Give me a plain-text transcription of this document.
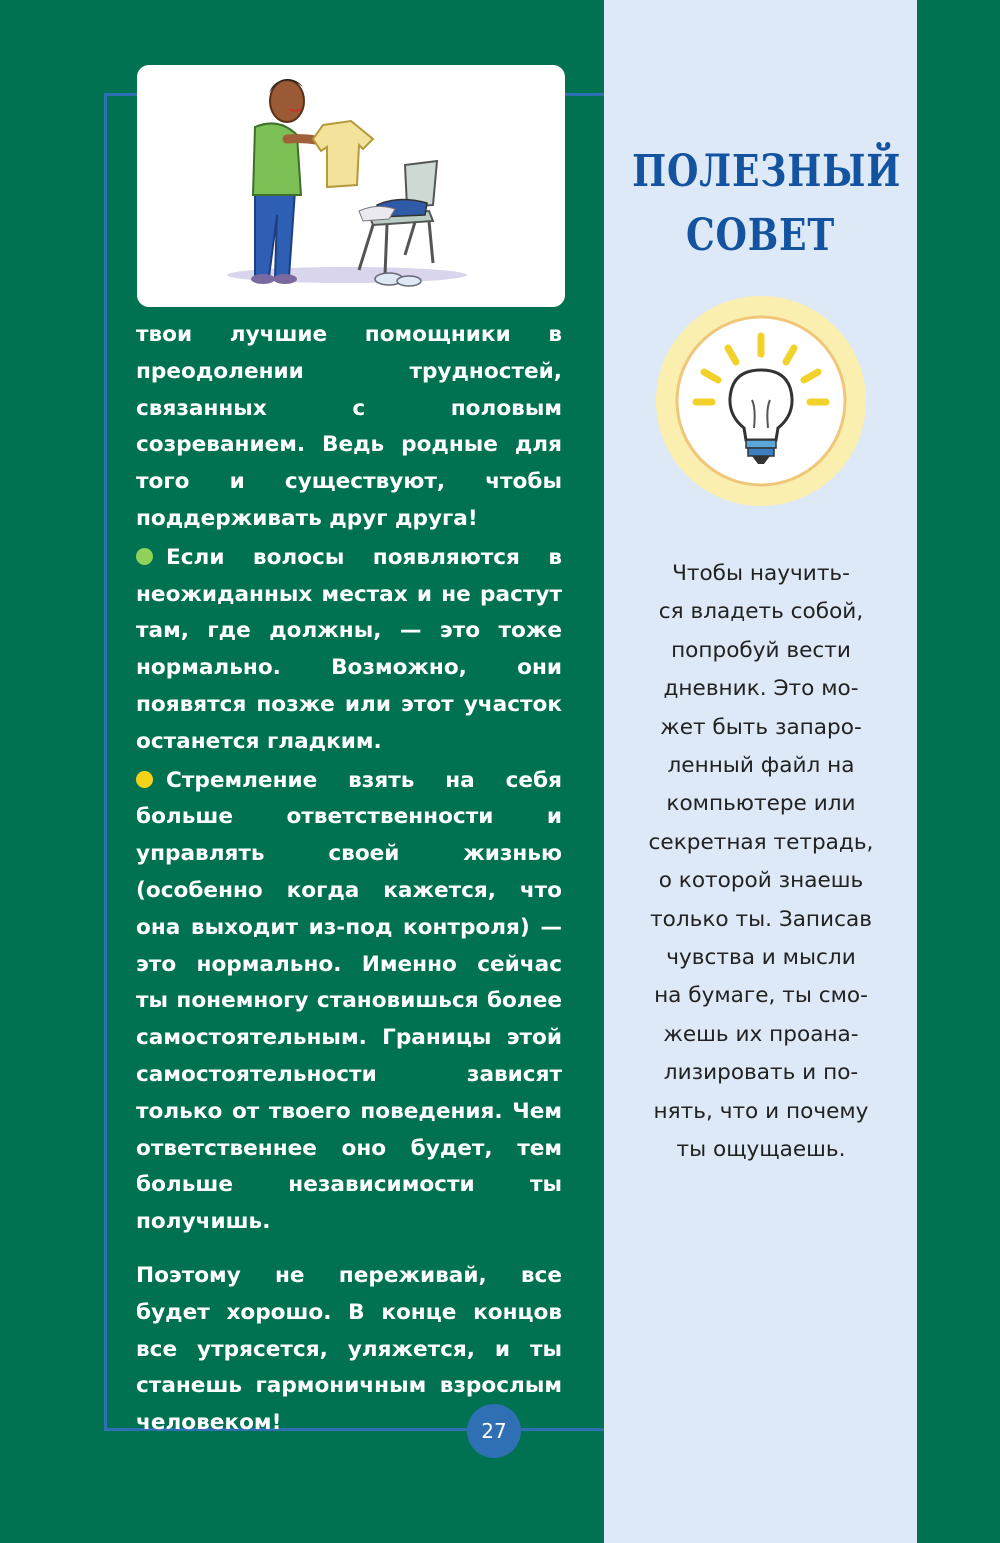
твои лучшие помощники в преодолении трудностей, связанных с половым созреванием. Ведь родные для того и существуют, чтобы поддерживать друг друга!

Если волосы появляются в неожиданных местах и не растут там, где должны, — это тоже нормально. Возможно, они появятся позже или этот участок останется гладким.

Стремление взять на себя больше ответственности и управлять своей жизнью (особенно когда кажется, что она выходит из-под контроля) — это нормально. Именно сейчас ты понемногу становишься более самостоятельным. Границы этой самостоятельности зависят только от твоего поведения. Чем ответственнее оно будет, тем больше независимости ты получишь.

Поэтому не переживай, все будет хорошо. В конце концов все утрясется, уляжется, и ты станешь гармоничным взрослым человеком!	27
ПОЛЕЗНЫЙ
СОВЕТ
Чтобы научить-
ся владеть собой,
попробуй вести
дневник. Это мо-
жет быть запаро-
ленный файл на
компьютере или
секретная тетрадь,
о которой знаешь
только ты. Записав
чувства и мысли
на бумаге, ты смо-
жешь их проана-
лизировать и по-
нять, что и почему
ты ощущаешь.
